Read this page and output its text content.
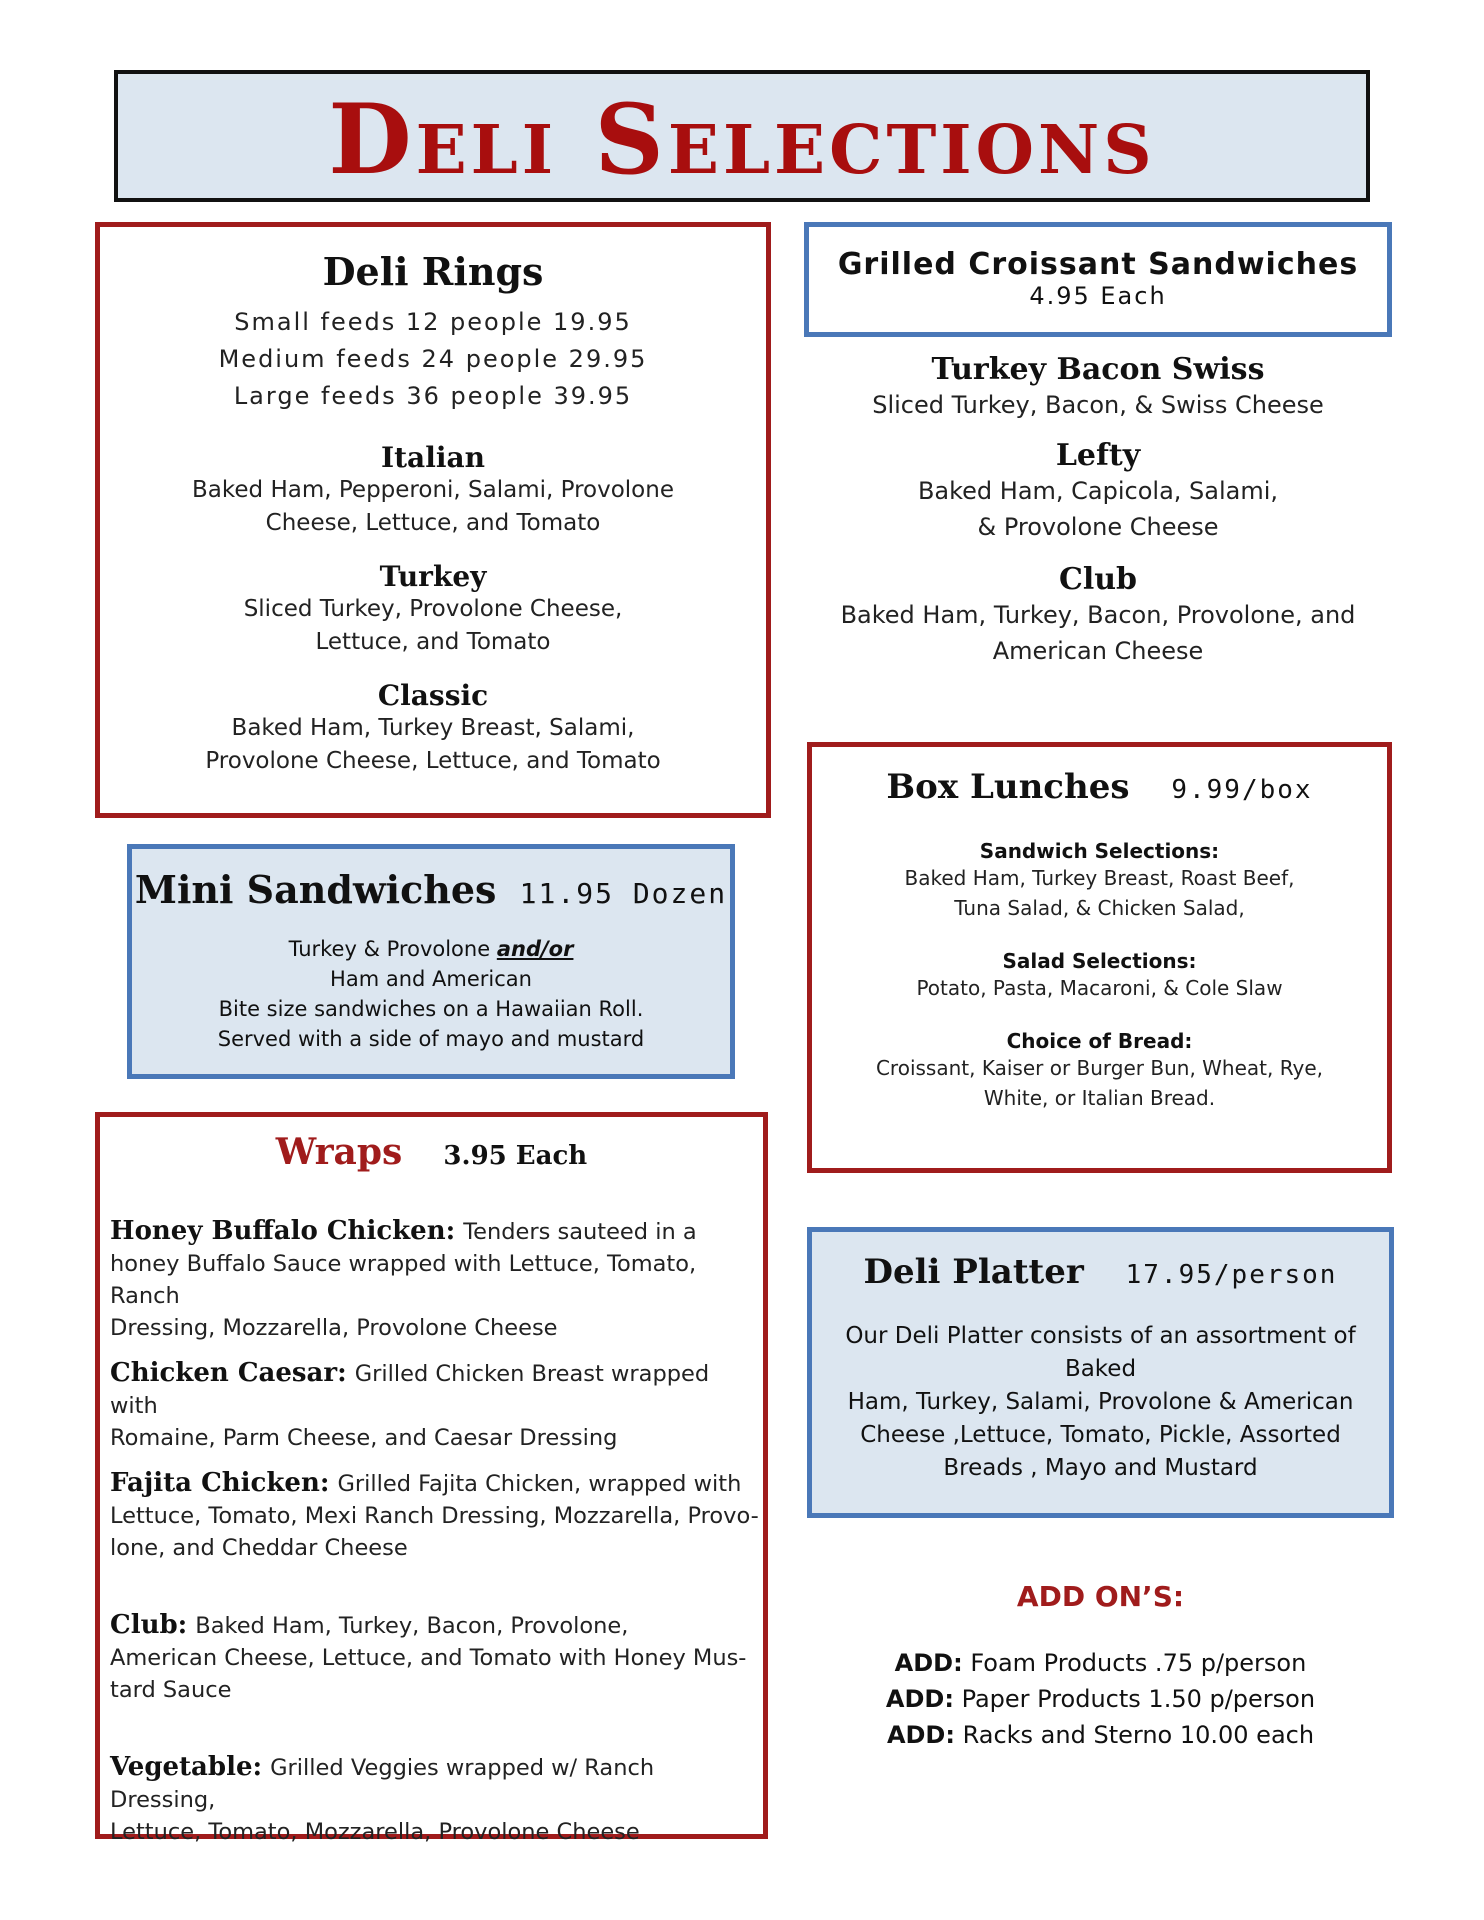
Deli Selections
Deli Rings
Small feeds 12 people 19.95
Medium feeds 24 people 29.95
Large feeds 36 people 39.95
Italian
Baked Ham, Pepperoni, Salami, Provolone
Cheese, Lettuce, and Tomato
Turkey
Sliced Turkey, Provolone Cheese,
Lettuce, and Tomato
Classic
Baked Ham, Turkey Breast, Salami,
Provolone Cheese, Lettuce, and Tomato
Mini Sandwiches 11.95 Dozen
Turkey & Provolone and/or
Ham and American
Bite size sandwiches on a Hawaiian Roll.
Served with a side of mayo and mustard
Wraps 3.95 Each
Honey Buffalo Chicken: Tenders sauteed in a
honey Buffalo Sauce wrapped with Lettuce, Tomato, Ranch
Dressing, Mozzarella, Provolone Cheese
Chicken Caesar: Grilled Chicken Breast wrapped with
Romaine, Parm Cheese, and Caesar Dressing
Fajita Chicken: Grilled Fajita Chicken, wrapped with
Lettuce, Tomato, Mexi Ranch Dressing, Mozzarella, Provo-
lone, and Cheddar Cheese
Club: Baked Ham, Turkey, Bacon, Provolone,
American Cheese, Lettuce, and Tomato with Honey Mus-
tard Sauce
Vegetable: Grilled Veggies wrapped w/ Ranch Dressing,
Lettuce, Tomato, Mozzarella, Provolone Cheese
Grilled Croissant Sandwiches
4.95 Each
Turkey Bacon Swiss
Sliced Turkey, Bacon, & Swiss Cheese
Lefty
Baked Ham, Capicola, Salami,
& Provolone Cheese
Club
Baked Ham, Turkey, Bacon, Provolone, and
American Cheese
Box Lunches 9.99/box
Sandwich Selections:
Baked Ham, Turkey Breast, Roast Beef,
Tuna Salad, & Chicken Salad,
Salad Selections:
Potato, Pasta, Macaroni, & Cole Slaw
Choice of Bread:
Croissant, Kaiser or Burger Bun, Wheat, Rye,
White, or Italian Bread.
Deli Platter 17.95/person
Our Deli Platter consists of an assortment of Baked
Ham, Turkey, Salami, Provolone & American
Cheese ,Lettuce, Tomato, Pickle, Assorted
Breads , Mayo and Mustard
ADD ON’S:
ADD: Foam Products .75 p/person
ADD: Paper Products 1.50 p/person
ADD: Racks and Sterno 10.00 each
